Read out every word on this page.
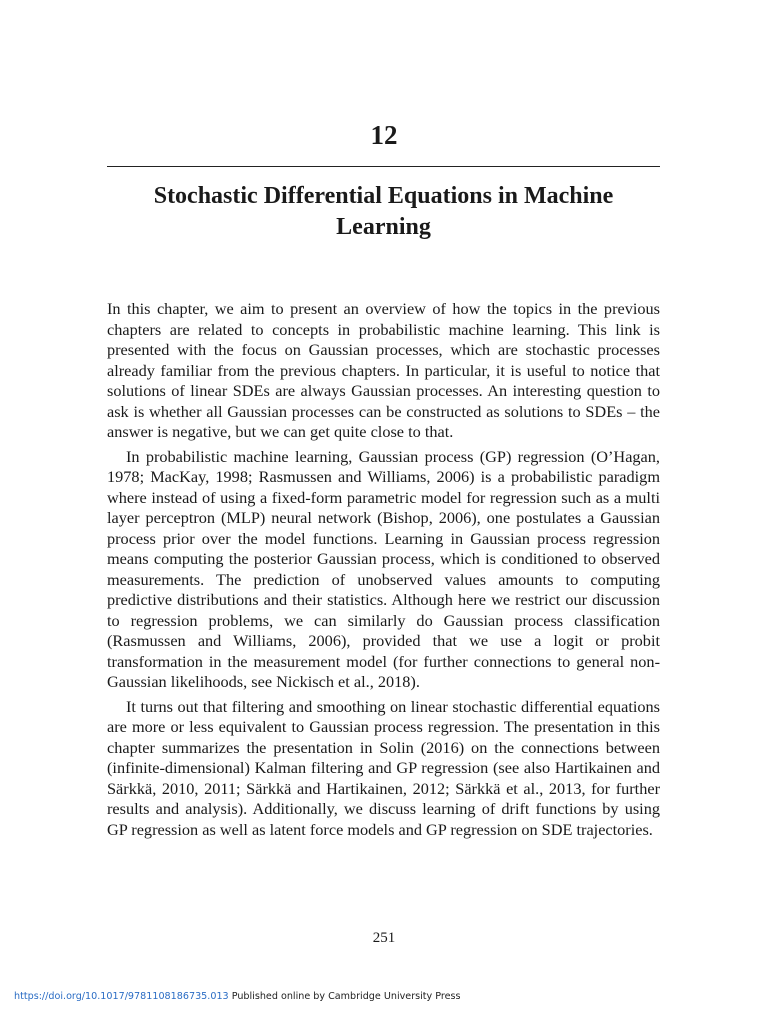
12
Stochastic Differential Equations in Machine Learning

In this chapter, we aim to present an overview of how the topics in the previous chapters are related to concepts in probabilistic machine learning. This link is presented with the focus on Gaussian processes, which are stochastic processes already familiar from the previous chapters. In particular, it is useful to notice that solutions of linear SDEs are always Gaussian processes. An interesting question to ask is whether all Gaussian processes can be constructed as solutions to SDEs – the answer is negative, but we can get quite close to that.

In probabilistic machine learning, Gaussian process (GP) regression (O’Hagan, 1978; MacKay, 1998; Rasmussen and Williams, 2006) is a probabilistic paradigm where instead of using a fixed-form parametric model for regression such as a multi layer perceptron (MLP) neural network (Bishop, 2006), one postulates a Gaussian process prior over the model functions. Learning in Gaussian process regression means computing the posterior Gaussian process, which is conditioned to observed measurements. The prediction of unobserved values amounts to computing predictive distributions and their statistics. Although here we restrict our discussion to regression problems, we can similarly do Gaussian process classification (Rasmussen and Williams, 2006), provided that we use a logit or probit transformation in the measurement model (for further connections to general non-Gaussian likelihoods, see Nickisch et al., 2018).

It turns out that filtering and smoothing on linear stochastic differential equations are more or less equivalent to Gaussian process regression. The presentation in this chapter summarizes the presentation in Solin (2016) on the connections between (infinite-dimensional) Kalman filtering and GP regression (see also Hartikainen and Särkkä, 2010, 2011; Särkkä and Hartikainen, 2012; Särkkä et al., 2013, for further results and analysis). Additionally, we discuss learning of drift functions by using GP regression as well as latent force models and GP regression on SDE trajectories.

251
https://doi.org/10.1017/9781108186735.013 Published online by Cambridge University Press
